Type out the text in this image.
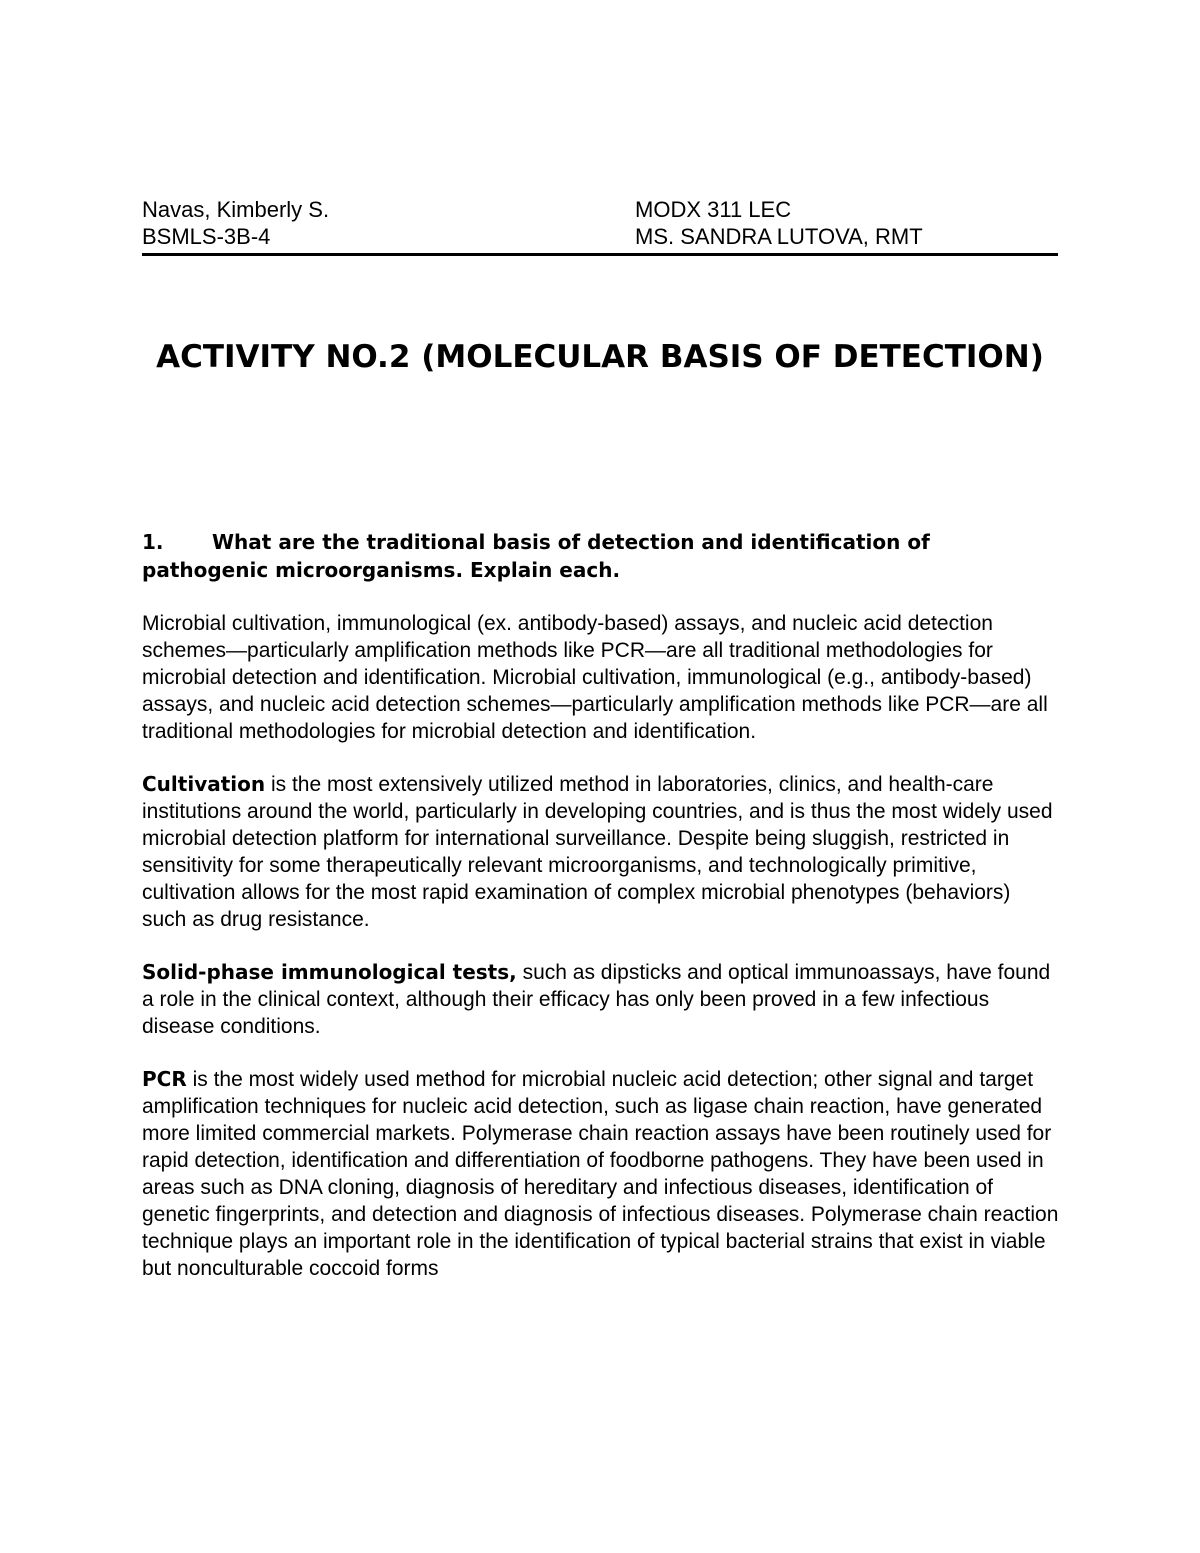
Navas, Kimberly S.	MODX 311 LEC
BSMLS-3B-4	MS. SANDRA LUTOVA, RMT
ACTIVITY NO.2 (MOLECULAR BASIS OF DETECTION)
1. What are the traditional basis of detection and identification of pathogenic microorganisms. Explain each.

Microbial cultivation, immunological (ex. antibody-based) assays, and nucleic acid detection schemes—particularly amplification methods like PCR—are all traditional methodologies for microbial detection and identification. Microbial cultivation, immunological (e.g., antibody-based) assays, and nucleic acid detection schemes—particularly amplification methods like PCR—are all traditional methodologies for microbial detection and identification.

Cultivation is the most extensively utilized method in laboratories, clinics, and health-care institutions around the world, particularly in developing countries, and is thus the most widely used microbial detection platform for international surveillance. Despite being sluggish, restricted in sensitivity for some therapeutically relevant microorganisms, and technologically primitive, cultivation allows for the most rapid examination of complex microbial phenotypes (behaviors) such as drug resistance.

Solid-phase immunological tests, such as dipsticks and optical immunoassays, have found a role in the clinical context, although their efficacy has only been proved in a few infectious disease conditions.

PCR is the most widely used method for microbial nucleic acid detection; other signal and target amplification techniques for nucleic acid detection, such as ligase chain reaction, have generated more limited commercial markets. Polymerase chain reaction assays have been routinely used for rapid detection, identification and differentiation of foodborne pathogens. They have been used in areas such as DNA cloning, diagnosis of hereditary and infectious diseases, identification of genetic fingerprints, and detection and diagnosis of infectious diseases. Polymerase chain reaction technique plays an important role in the identification of typical bacterial strains that exist in viable but nonculturable coccoid forms
